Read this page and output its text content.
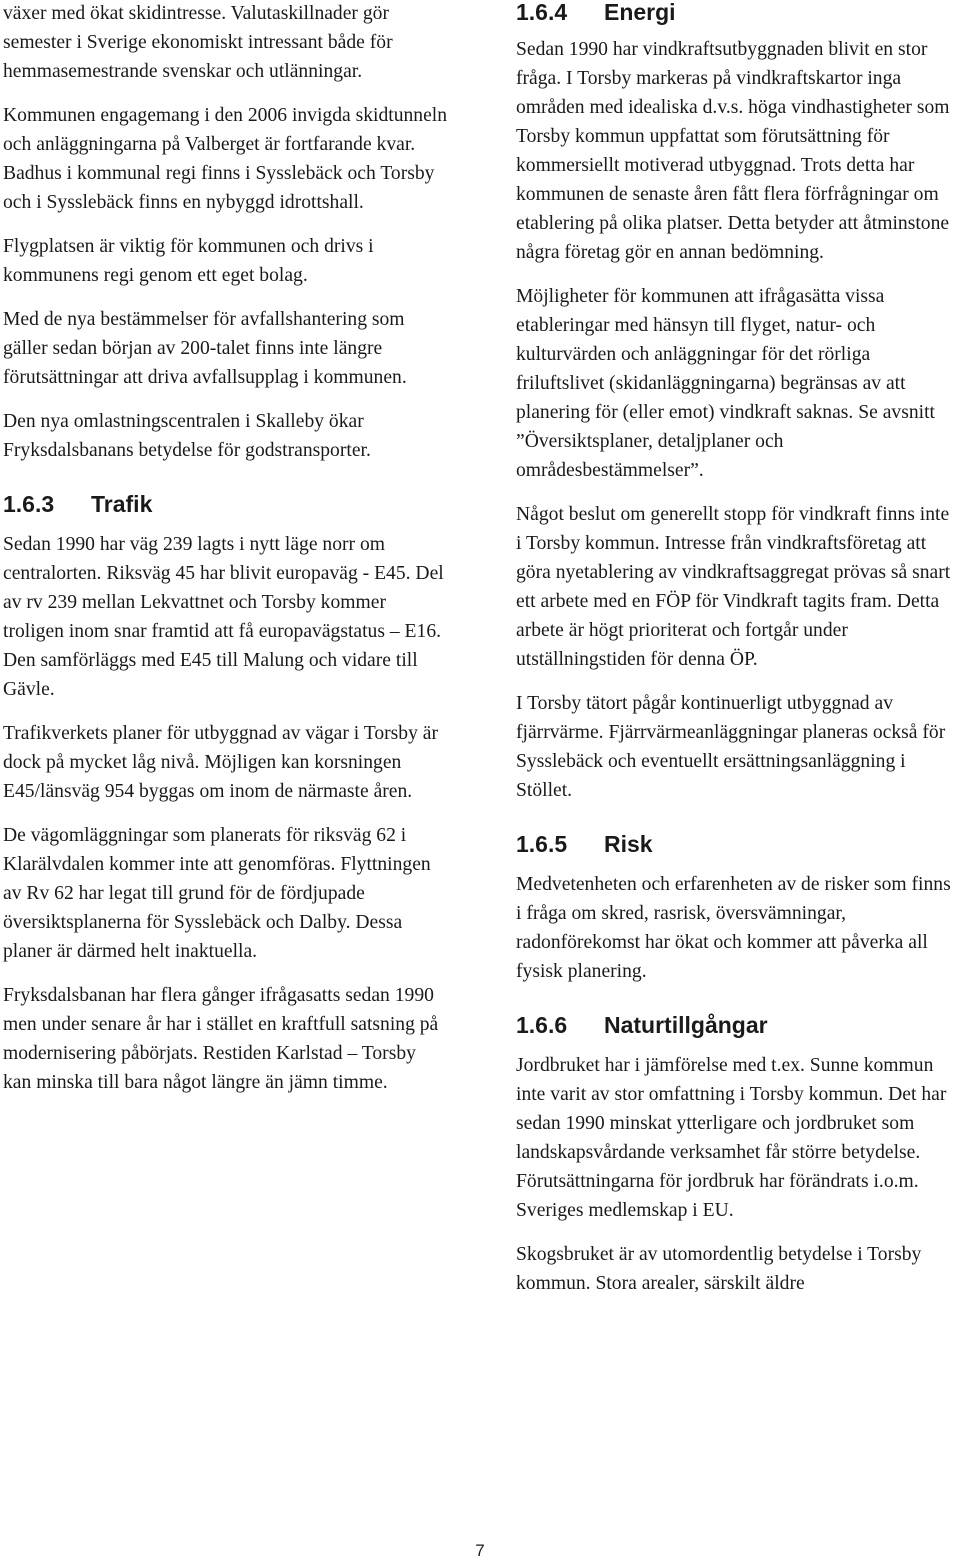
växer med ökat skidintresse. Valutaskillnader gör semester i Sverige ekonomiskt intressant både för hemmasemestrande svenskar och utlänningar.

Kommunen engagemang i den 2006 invigda skidtunneln och anläggningarna på Valberget är fortfarande kvar. Badhus i kommunal regi finns i Sysslebäck och Torsby och i Sysslebäck finns en nybyggd idrottshall.

Flygplatsen är viktig för kommunen och drivs i kommunens regi genom ett eget bolag.

Med de nya bestämmelser för avfallshantering som gäller sedan början av 200-talet finns inte längre förutsättningar att driva avfallsupplag i kommunen.

Den nya omlastningscentralen i Skalleby ökar Fryksdalsbanans betydelse för godstransporter.

1.6.3	Trafik

Sedan 1990 har väg 239 lagts i nytt läge norr om centralorten. Riksväg 45 har blivit europaväg - E45. Del av rv 239 mellan Lekvattnet och Torsby kommer troligen inom snar framtid att få europavägstatus – E16. Den samförläggs med E45 till Malung och vidare till Gävle.

Trafikverkets planer för utbyggnad av vägar i Torsby är dock på mycket låg nivå. Möjligen kan korsningen E45/länsväg 954 byggas om inom de närmaste åren.

De vägomläggningar som planerats för riksväg 62 i Klarälvdalen kommer inte att genomföras. Flyttningen av Rv 62 har legat till grund för de fördjupade översiktsplanerna för Sysslebäck och Dalby. Dessa planer är därmed helt inaktuella.

Fryksdalsbanan har flera gånger ifrågasatts sedan 1990 men under senare år har i stället en kraftfull satsning på modernisering påbörjats. Restiden Karlstad – Torsby kan minska till bara något längre än jämn timme.

1.6.4	Energi

Sedan 1990 har vindkraftsutbyggnaden blivit en stor fråga. I Torsby markeras på vindkraftskartor inga områden med idealiska d.v.s. höga vindhastigheter som Torsby kommun uppfattat som förutsättning för kommersiellt motiverad utbyggnad. Trots detta har kommunen de senaste åren fått flera förfrågningar om etablering på olika platser. Detta betyder att åtminstone några företag gör en annan bedömning.

Möjligheter för kommunen att ifrågasätta vissa etableringar med hänsyn till flyget, natur- och kulturvärden och anläggningar för det rörliga friluftslivet (skidanläggningarna) begränsas av att planering för (eller emot) vindkraft saknas. Se avsnitt ”Översiktsplaner, detaljplaner och områdesbestämmelser”.

Något beslut om generellt stopp för vindkraft finns inte i Torsby kommun. Intresse från vindkraftsföretag att göra nyetablering av vindkraftsaggregat prövas så snart ett arbete med en FÖP för Vindkraft tagits fram. Detta arbete är högt prioriterat och fortgår under utställningstiden för denna ÖP.

I Torsby tätort pågår kontinuerligt utbyggnad av fjärrvärme. Fjärrvärmeanläggningar planeras också för Sysslebäck och eventuellt ersättningsanläggning i Stöllet.

1.6.5	Risk

Medvetenheten och erfarenheten av de risker som finns i fråga om skred, rasrisk, översvämningar, radonförekomst har ökat och kommer att påverka all fysisk planering.

1.6.6	Naturtillgångar

Jordbruket har i jämförelse med t.ex. Sunne kommun inte varit av stor omfattning i Torsby kommun. Det har sedan 1990 minskat ytterligare och jordbruket som landskapsvårdande verksamhet får större betydelse. Förutsättningarna för jordbruk har förändrats i.o.m. Sveriges medlemskap i EU.

Skogsbruket är av utomordentlig betydelse i Torsby kommun. Stora arealer, särskilt äldre

7
